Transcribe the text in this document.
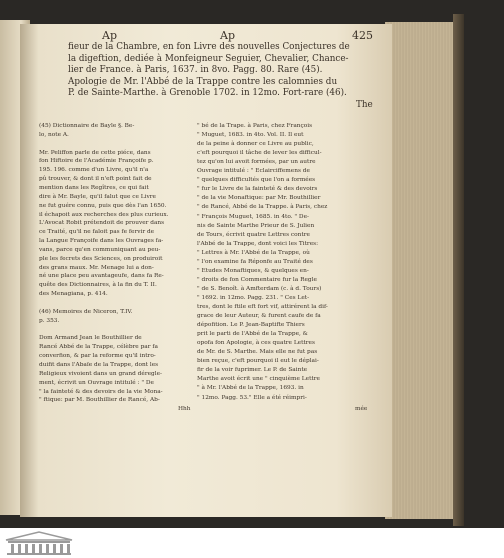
Ap	Ap	425
fieur de la Chambre, en fon Livre des nouvelles Conjectures de
la digeftion, dediée à Monfeigneur Seguier, Chevalier, Chance-
lier de France. à Paris, 1637. in 8vo. Pagg. 80. Rare (45).
Apologie de Mr. l'Abbé de la Trappe contre les calomnies du
P. de Sainte-Marthe. à Grenoble 1702. in 12mo. Fort-rare (46).
The
(45) Dictionnaire de Bayle §. Be-
lo, note A.
Mr. Peliffon parle de cette piéce, dans
fon Hiftoire de l'Académie Françoife p.
195. 196. comme d'un Livre, qu'il n'a
pû trouver, & dont il n'eft point fait de
mention dans les Regîtres, ce qui fait
dire à Mr. Bayle, qu'il falut que ce Livre
ne fut guére connu, puis que dès l'an 1650.
il échapoit aux recherches des plus curieux.
L'Avocat Robit prétendoit de prouver dans
ce Traité, qu'il ne faloit pas fe fervir de
la Langue Françoife dans les Ouvrages fa-
vans, parce qu'en communiquant au peu-
ple les fecrets des Sciences, on produiroit
des grans maux. Mr. Menage lui a don-
né une place peu avantageufe, dans fa Re-
quête des Dictionnaires, à la fin du T. II.
des Menagiana, p. 414.
(46) Memoires de Niceron, T.IV.
p. 353.
Dom Armand Jean le Bouthillier de
Rancé Abbé de la Trappe, célèbre par fa
converfion, & par la reforme qu'il intro-
duifit dans l'Abaïe de la Trappe, dont les
Religieux vivoient dans un grand déregle-
ment, écrivit un Ouvrage intitulé : " De
" la fainteté & des devoirs de la vie Mona-
" ftique: par M. Bouthillier de Rancé, Ab-
" bé de la Trape. à Paris, chez François
" Muguet, 1683. in 4to. Vol. II. Il eut
de la peine à donner ce Livre au public,
c'eft pourquoi il tâche de lever les difficul-
tez qu'on lui avoit formées, par un autre
Ouvrage intitulé : " Eclairciffemens de
" quelques difficultés que l'on a formées
" fur le Livre de la fainteté & des devoirs
" de la vie Monaftique: par Mr. Bouthillier
" de Rancé, Abbé de la Trappe. à Paris, chez
" François Muguet, 1685. in 4to. " De-
nis de Sainte Marthe Prieur de S. Julien
de Tours, écrivit quatre Lettres contre
l'Abbé de la Trappe, dont voici les Titres:
" Lettres à Mr. l'Abbé de la Trappe, où
" l'on examine fa Réponfe au Traité des
" Etudes Monaftiques, & quelques en-
" droits de fon Commentaire fur la Regle
" de S. Benoît. à Amfterdam (c. à d. Tours)
" 1692. in 12mo. Pagg. 231. " Ces Let-
tres, dont le ftile eft fort vif, attirérent la dif-
grace de leur Auteur, & furent caufe de fa
dépofition. Le P. Jean-Baptifte Thiers
prit le parti de l'Abbé de la Trappe, &
opofa fon Apologie, à ces quatre Lettres
de Mr. de S. Marthe. Mais elle ne fut pas
bien reçue, c'eft pourquoi il eut le déplai-
fir de la voir fuprimer. Le P. de Sainte
Marthe avoit écrit une " cinquième Lettre
" à Mr. l'Abbé de la Trappe, 1693. in
" 12mo. Pagg. 53." Elle a été réimpri-
Hhh	mée
